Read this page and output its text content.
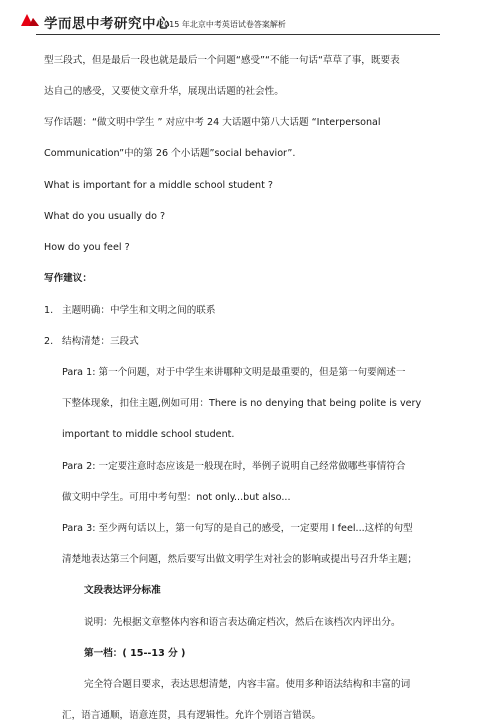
学而思中考研究中心
2015 年北京中考英语试卷答案解析
型三段式，但是最后一段也就是最后一个问题“感受”“不能一句话“草草了事，既要表
达自己的感受，又要使文章升华，展现出话题的社会性。
写作话题：“做文明中学生 ” 对应中考 24 大话题中第八大话题 “Interpersonal
Communication”中的第 26 个小话题”social behavior”.
What is important for a middle school student ?
What do you usually do ?
How do you feel ?
写作建议：
1. 主题明确：中学生和文明之间的联系
2. 结构清楚：三段式
Para 1: 第一个问题，对于中学生来讲哪种文明是最重要的，但是第一句要阐述一
下整体现象，扣住主题,例如可用：There is no denying that being polite is very
important to middle school student.
Para 2: 一定要注意时态应该是一般现在时，举例子说明自己经常做哪些事情符合
做文明中学生。可用中考句型：not only...but also...
Para 3: 至少两句话以上，第一句写的是自己的感受，一定要用 I feel...这样的句型
清楚地表达第三个问题，然后要写出做文明学生对社会的影响或提出号召升华主题；
文段表达评分标准
说明：先根据文章整体内容和语言表达确定档次，然后在该档次内评出分。
第一档：( 15--13 分 )
完全符合题目要求，表达思想清楚，内容丰富。使用多种语法结构和丰富的词
汇，语言通顺，语意连贯，具有逻辑性。允许个别语言错误。
